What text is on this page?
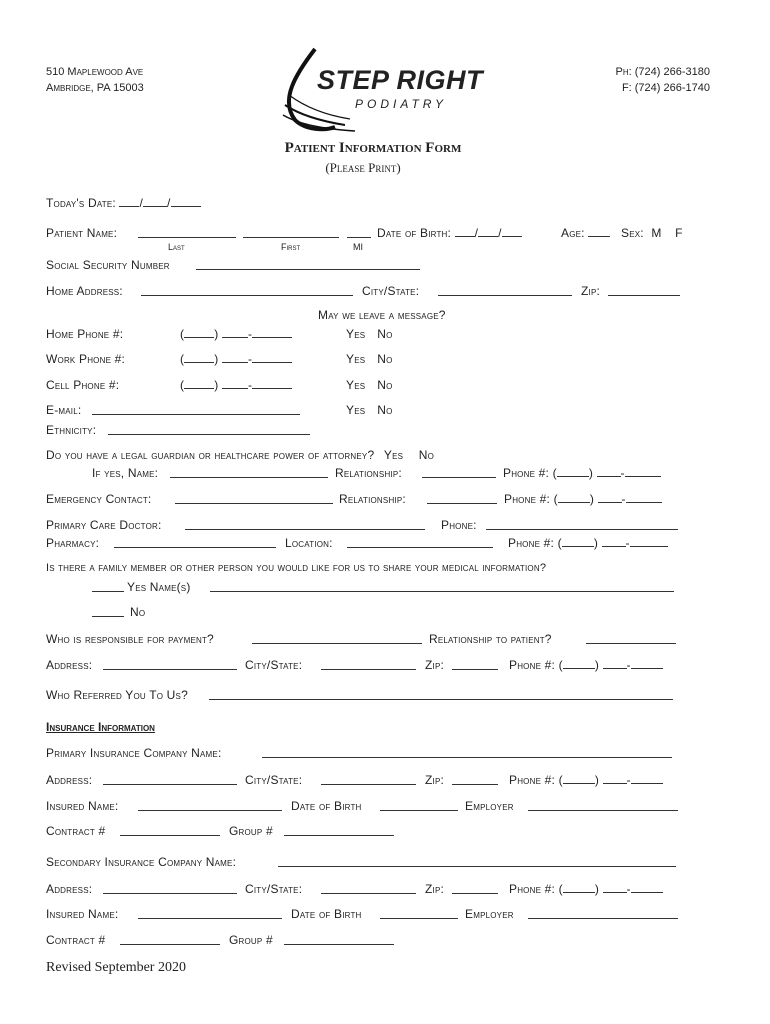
510 Maplewood Ave
Ambridge, PA 15003
Ph: (724) 266-3180
F: (724) 266-1740
STEP RIGHT
PODIATRY
Patient Information Form
(Please Print)
Today's Date: / /
Patient Name:
Last	First	MI
Date of Birth: / /	Age:	Sex: M F
Social Security Number
Home Address:	City/State:	Zip:
May we leave a message?
Home Phone #:	(	) -	Yes No
Work Phone #:	(	) -	Yes No
Cell Phone #:	(	) -	Yes No
E-mail:	Yes No
Ethnicity:
Do you have a legal guardian or healthcare power of attorney? Yes No
If yes, Name:	Relationship:	Phone #: (	) -
Emergency Contact:	Relationship:	Phone #: (	) -
Primary Care Doctor:	Phone:
Pharmacy:	Location:	Phone #: (	) -
Is there a family member or other person you would like for us to share your medical information?
Yes Name(s)
No
Who is responsible for payment?	Relationship to patient?
Address:	City/State:	Zip:	Phone #: (	) -
Who Referred You To Us?
Insurance Information
Primary Insurance Company Name:
Address:	City/State:	Zip:	Phone #: (	) -
Insured Name:	Date of Birth	Employer
Contract #	Group #
Secondary Insurance Company Name:
Address:	City/State:	Zip:	Phone #: (	) -
Insured Name:	Date of Birth	Employer
Contract #	Group #
Revised September 2020
